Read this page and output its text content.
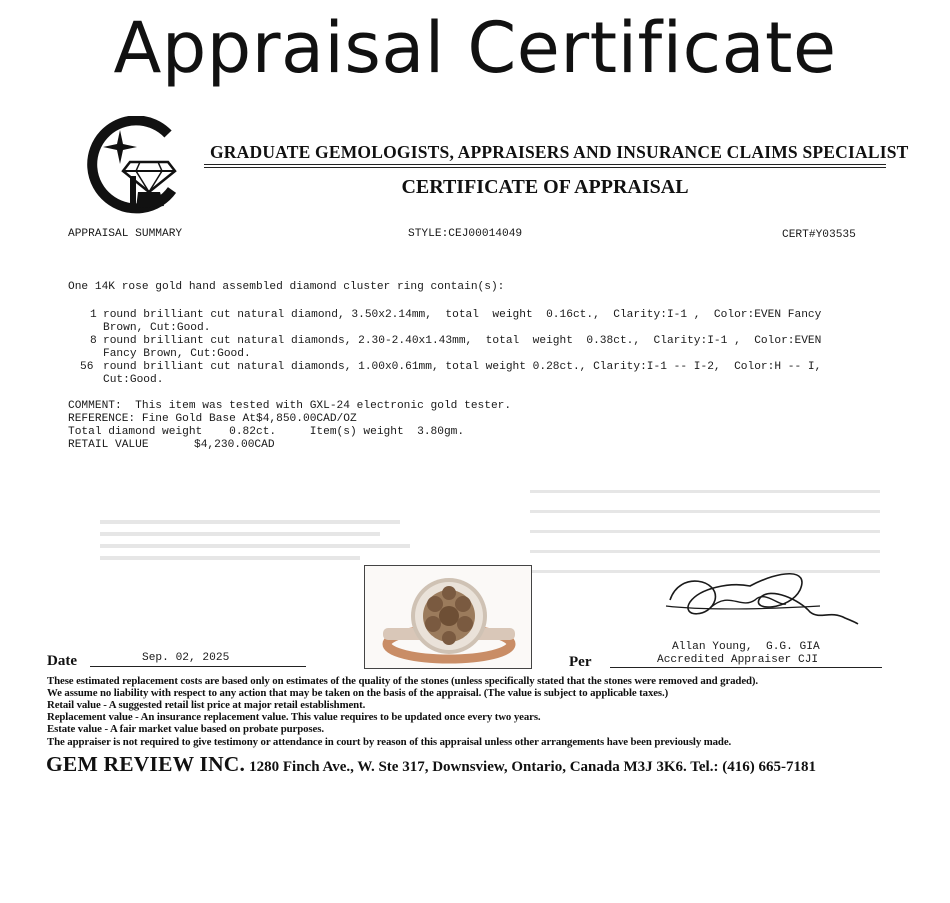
Appraisal Certificate
GRADUATE GEMOLOGISTS, APPRAISERS AND INSURANCE CLAIMS SPECIALIST
CERTIFICATE OF APPRAISAL
APPRAISAL SUMMARY	STYLE:CEJ00014049	CERT#Y03535
One 14K rose gold hand assembled diamond cluster ring contain(s):
1 round brilliant cut natural diamond, 3.50x2.14mm,  total  weight  0.16ct.,  Clarity:I-1 ,  Color:EVEN Fancy
Brown, Cut:Good.
8 round brilliant cut natural diamonds, 2.30-2.40x1.43mm,  total  weight  0.38ct.,  Clarity:I-1 ,  Color:EVEN
Fancy Brown, Cut:Good.
56 round brilliant cut natural diamonds, 1.00x0.61mm, total weight 0.28ct., Clarity:I-1 -- I-2,  Color:H -- I,
Cut:Good.
COMMENT:  This item was tested with GXL-24 electronic gold tester.
REFERENCE: Fine Gold Base At$4,850.00CAD/OZ
Total diamond weight    0.82ct.     Item(s) weight  3.80gm.
RETAIL VALUE	$4,230.00CAD
Allan Young,  G.G. GIA
Accredited Appraiser CJI
Date	Sep. 02, 2025	Per
These estimated replacement costs are based only on estimates of the quality of the stones (unless specifically stated that the stones were removed and graded).
We assume no liability with respect to any action that may be taken on the basis of the appraisal. (The value is subject to applicable taxes.)
Retail value - A suggested retail list price at major retail establishment.
Replacement value - An insurance replacement value. This value requires to be updated once every two years.
Estate value - A fair market value based on probate purposes.
The appraiser is not required to give testimony or attendance in court by reason of this appraisal unless other arrangements have been previously made.
GEM REVIEW INC. 1280 Finch Ave., W. Ste 317, Downsview, Ontario, Canada M3J 3K6. Tel.: (416) 665-7181
